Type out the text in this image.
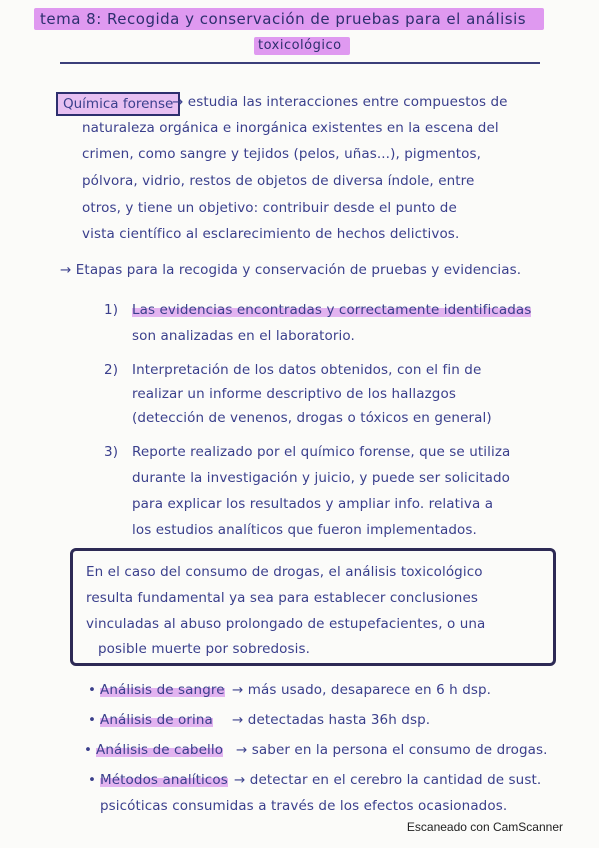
tema 8: Recogida y conservación de pruebas para el análisis
toxicológico
Química forense
→ estudia las interacciones entre compuestos de
naturaleza orgánica e inorgánica existentes en la escena del
crimen, como sangre y tejidos (pelos, uñas...), pigmentos,
pólvora, vidrio, restos de objetos de diversa índole, entre
otros, y tiene un objetivo: contribuir desde el punto de
vista científico al esclarecimiento de hechos delictivos.
→ Etapas para la recogida y conservación de pruebas y evidencias.
1) Las evidencias encontradas y correctamente identificadas
son analizadas en el laboratorio.
2) Interpretación de los datos obtenidos, con el fin de
realizar un informe descriptivo de los hallazgos
(detección de venenos, drogas o tóxicos en general)
3) Reporte realizado por el químico forense, que se utiliza
durante la investigación y juicio, y puede ser solicitado
para explicar los resultados y ampliar info. relativa a
los estudios analíticos que fueron implementados.
En el caso del consumo de drogas, el análisis toxicológico
resulta fundamental ya sea para establecer conclusiones
vinculadas al abuso prolongado de estupefacientes, o una
posible muerte por sobredosis.
• Análisis de sangre → más usado, desaparece en 6 h dsp.
• Análisis de orina → detectadas hasta 36h dsp.
• Análisis de cabello → saber en la persona el consumo de drogas.
• Métodos analíticos → detectar en el cerebro la cantidad de sust.
psicóticas consumidas a través de los efectos ocasionados.
Escaneado con CamScanner
